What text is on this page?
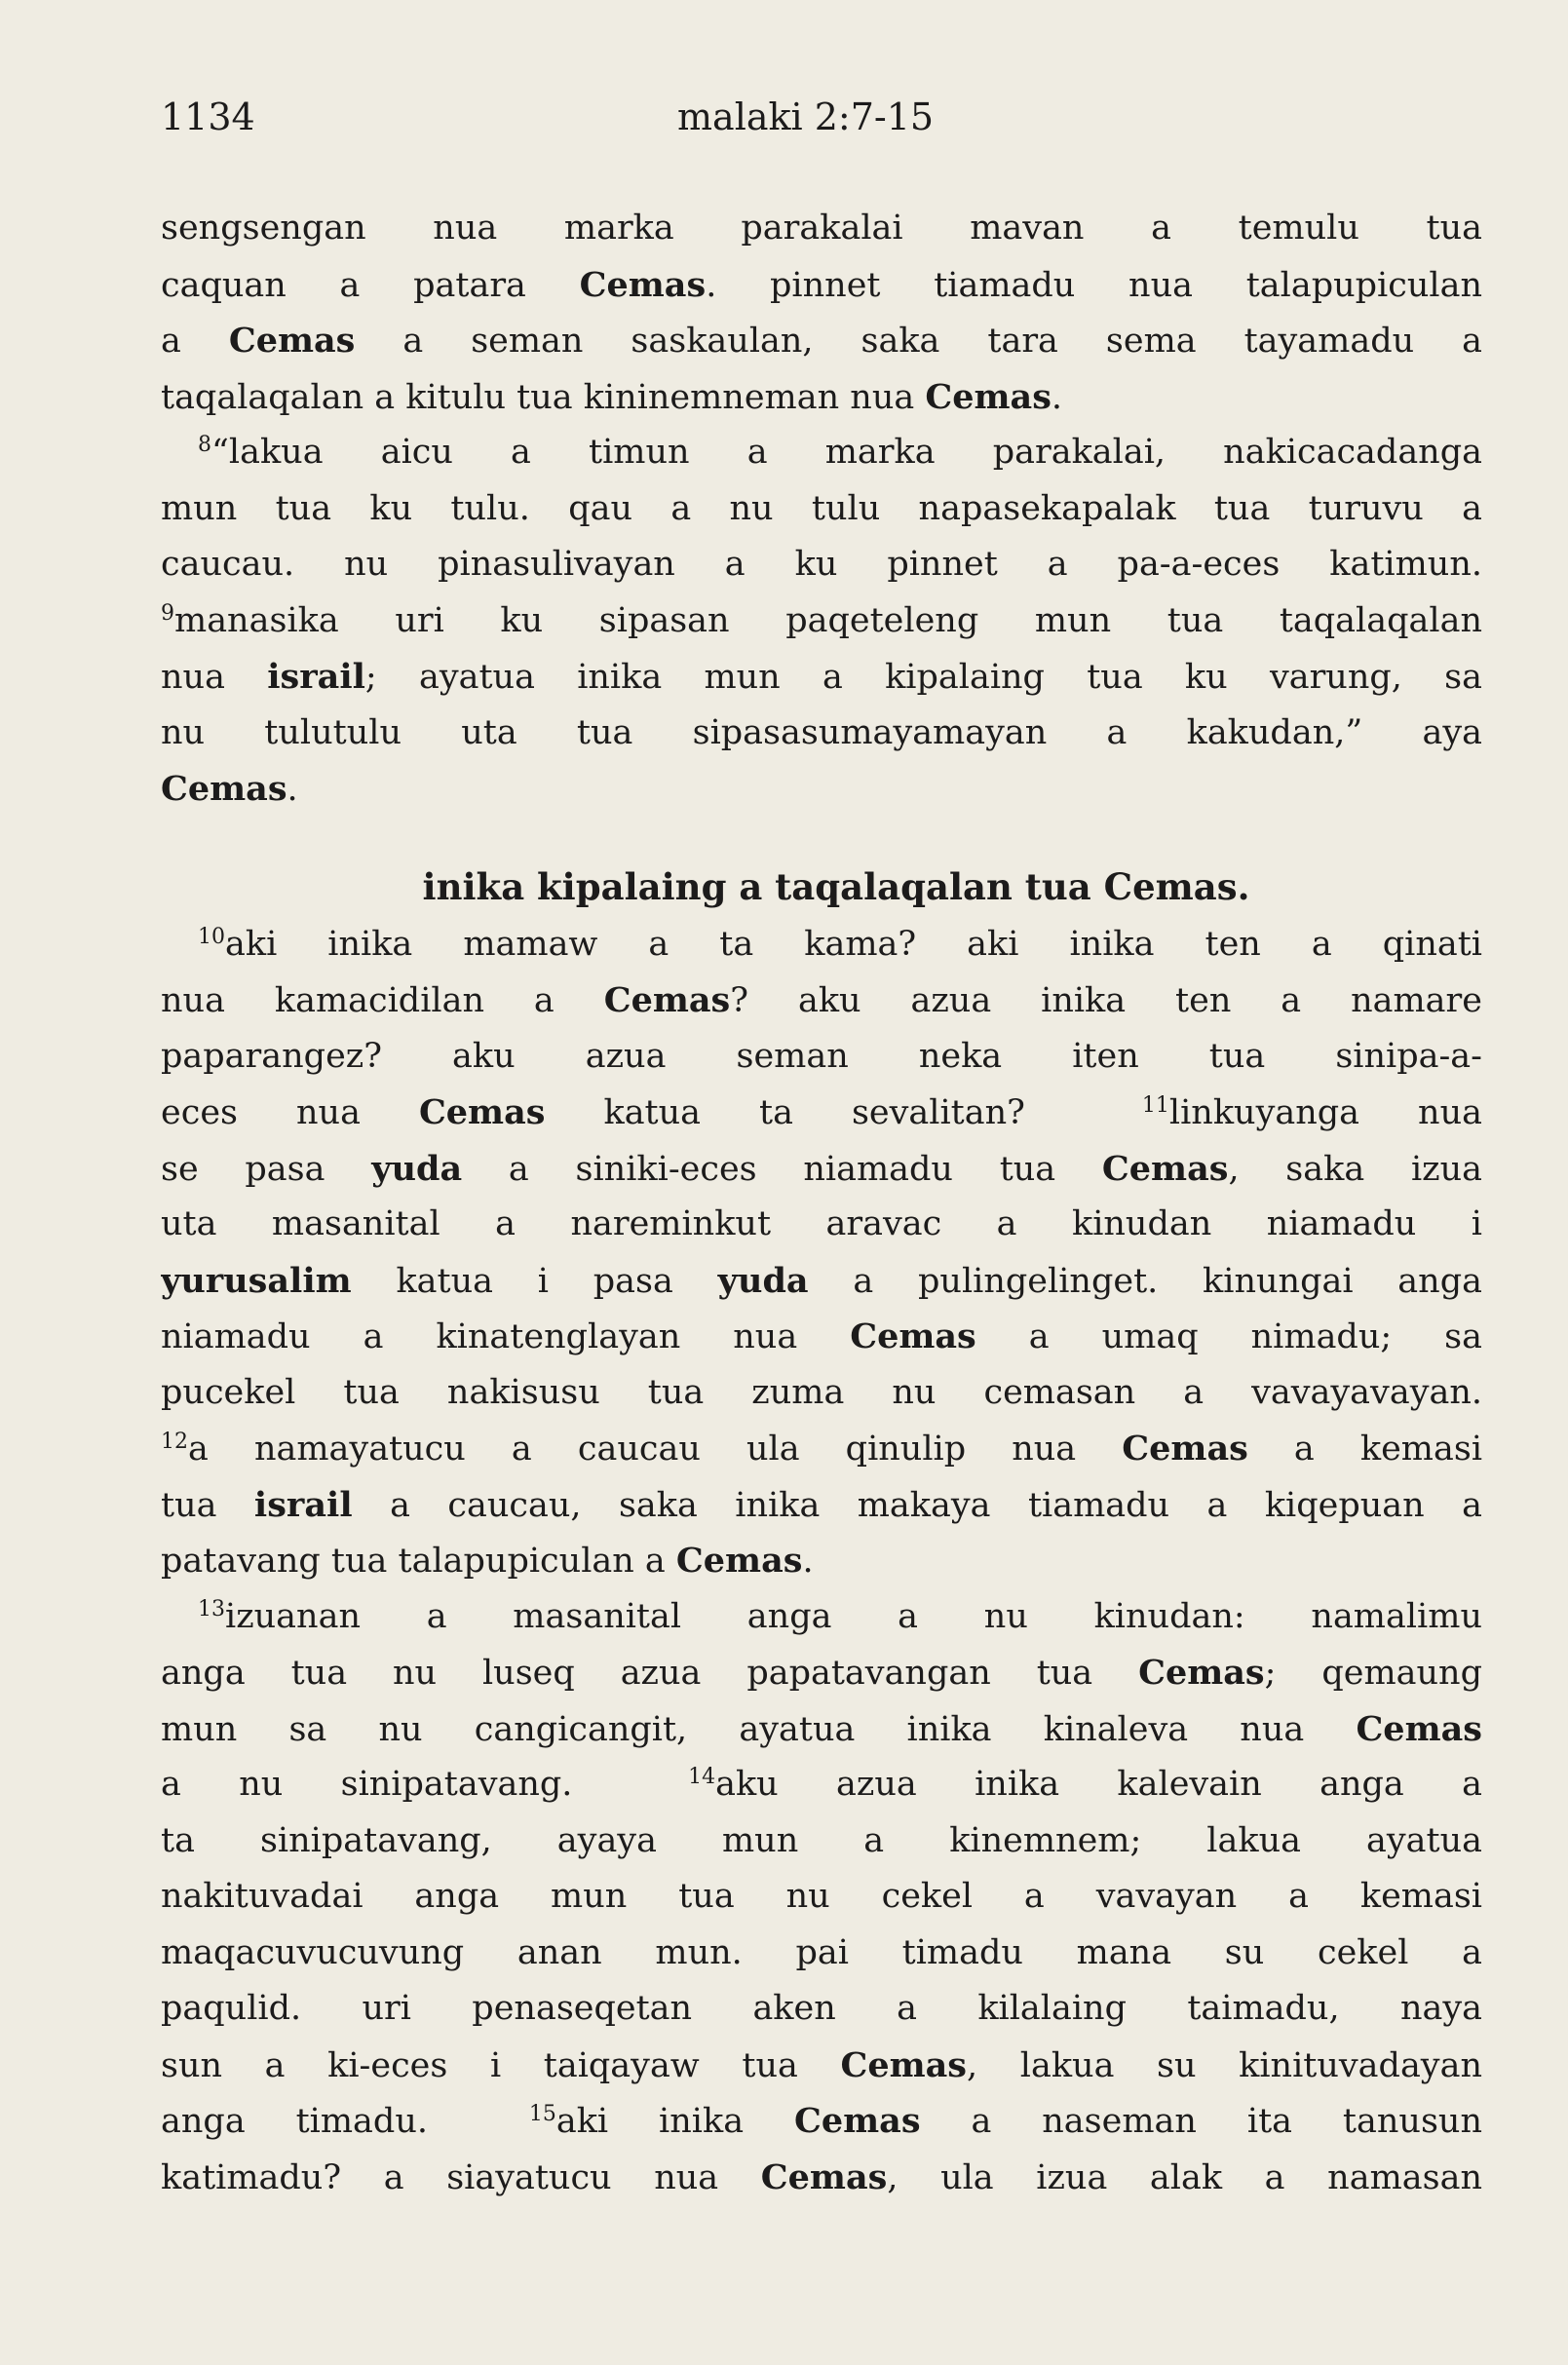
1134	malaki 2:7-15
sengsengan nua marka parakalai mavan a temulu tua
caquan a patara Cemas. pinnet tiamadu nua talapupiculan
a Cemas a seman saskaulan, saka tara sema tayamadu a
taqalaqalan a kitulu tua kininemneman nua Cemas.
$^8$“lakua aicu a timun a marka parakalai, nakicacadanga
mun tua ku tulu. qau a nu tulu napasekapalak tua turuvu a
caucau. nu pinasulivayan a ku pinnet a pa-a-eces katimun.
$^9$manasika uri ku sipasan paqeteleng mun tua taqalaqalan
nua israil; ayatua inika mun a kipalaing tua ku varung, sa
nu tulutulu uta tua sipasasumayamayan a kakudan,” aya
Cemas.
inika kipalaing a taqalaqalan tua Cemas.
$^{10}$aki inika mamaw a ta kama? aki inika ten a qinati
nua kamacidilan a Cemas? aku azua inika ten a namare
paparangez? aku azua seman neka iten tua sinipa-a-
eces nua Cemas katua ta sevalitan?	$^{11}$linkuyanga nua
se pasa yuda a siniki-eces niamadu tua Cemas, saka izua
uta masanital a nareminkut aravac a kinudan niamadu i
yurusalim katua i pasa yuda a pulingelinget. kinungai anga
niamadu a kinatenglayan nua Cemas a umaq nimadu; sa
pucekel tua nakisusu tua zuma nu cemasan a vavayavayan.
$^{12}$a namayatucu a caucau ula qinulip nua Cemas a kemasi
tua israil a caucau, saka inika makaya tiamadu a kiqepuan a
patavang tua talapupiculan a Cemas.
$^{13}$izuanan a masanital anga a nu kinudan: namalimu
anga tua nu luseq azua papatavangan tua Cemas; qemaung
mun sa nu cangicangit, ayatua inika kinaleva nua Cemas
a nu sinipatavang.	$^{14}$aku azua inika kalevain anga a
ta sinipatavang, ayaya mun a kinemnem; lakua ayatua
nakituvadai anga mun tua nu cekel a vavayan a kemasi
maqacuvucuvung anan mun. pai timadu mana su cekel a
paqulid. uri penaseqetan aken a kilalaing taimadu, naya
sun a ki-eces i taiqayaw tua Cemas, lakua su kinituvadayan
anga timadu.	$^{15}$aki inika Cemas a naseman ita tanusun
katimadu? a siayatucu nua Cemas, ula izua alak a namasan
